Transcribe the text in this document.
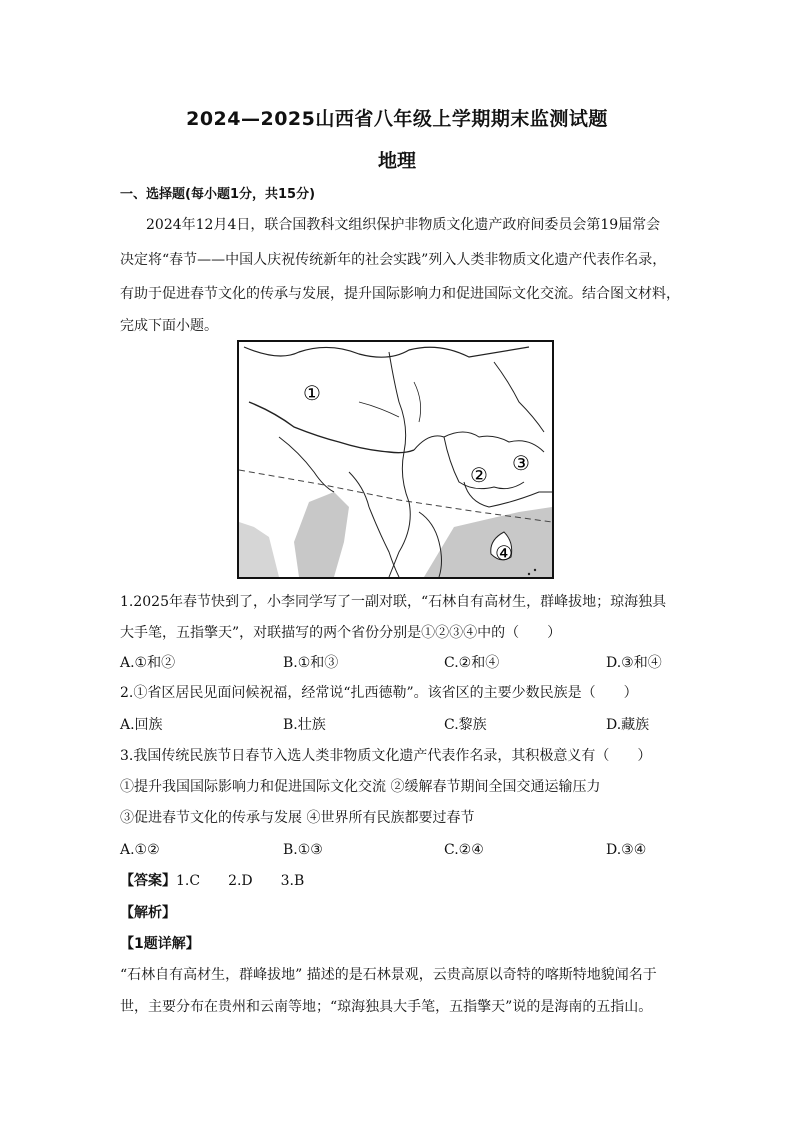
2024—2025山西省八年级上学期期末监测试题
地理
一、选择题(每小题1分，共15分)
2024年12月4日，联合国教科文组织保护非物质文化遗产政府间委员会第19届常会
决定将“春节——中国人庆祝传统新年的社会实践”列入人类非物质文化遗产代表作名录，
有助于促进春节文化的传承与发展，提升国际影响力和促进国际文化交流。结合图文材料，
完成下面小题。
①
② ③
④
1.2025年春节快到了，小李同学写了一副对联，“石林自有高材生，群峰拔地；琼海独具
大手笔，五指擎天”，对联描写的两个省份分别是①②③④中的（　　）
A.①和②	B.①和③	C.②和④	D.③和④
2.①省区居民见面问候祝福，经常说“扎西德勒”。该省区的主要少数民族是（　　）
A.回族	B.壮族	C.黎族	D.藏族
3.我国传统民族节日春节入选人类非物质文化遗产代表作名录，其积极意义有（　　）
①提升我国国际影响力和促进国际文化交流 ②缓解春节期间全国交通运输压力
③促进春节文化的传承与发展 ④世界所有民族都要过春节
A.①②	B.①③	C.②④	D.③④
【答案】1.C　　2.D　　3.B
【解析】
【1题详解】
“石林自有高材生，群峰拔地” 描述的是石林景观，云贵高原以奇特的喀斯特地貌闻名于
世，主要分布在贵州和云南等地；“琼海独具大手笔，五指擎天”说的是海南的五指山。
